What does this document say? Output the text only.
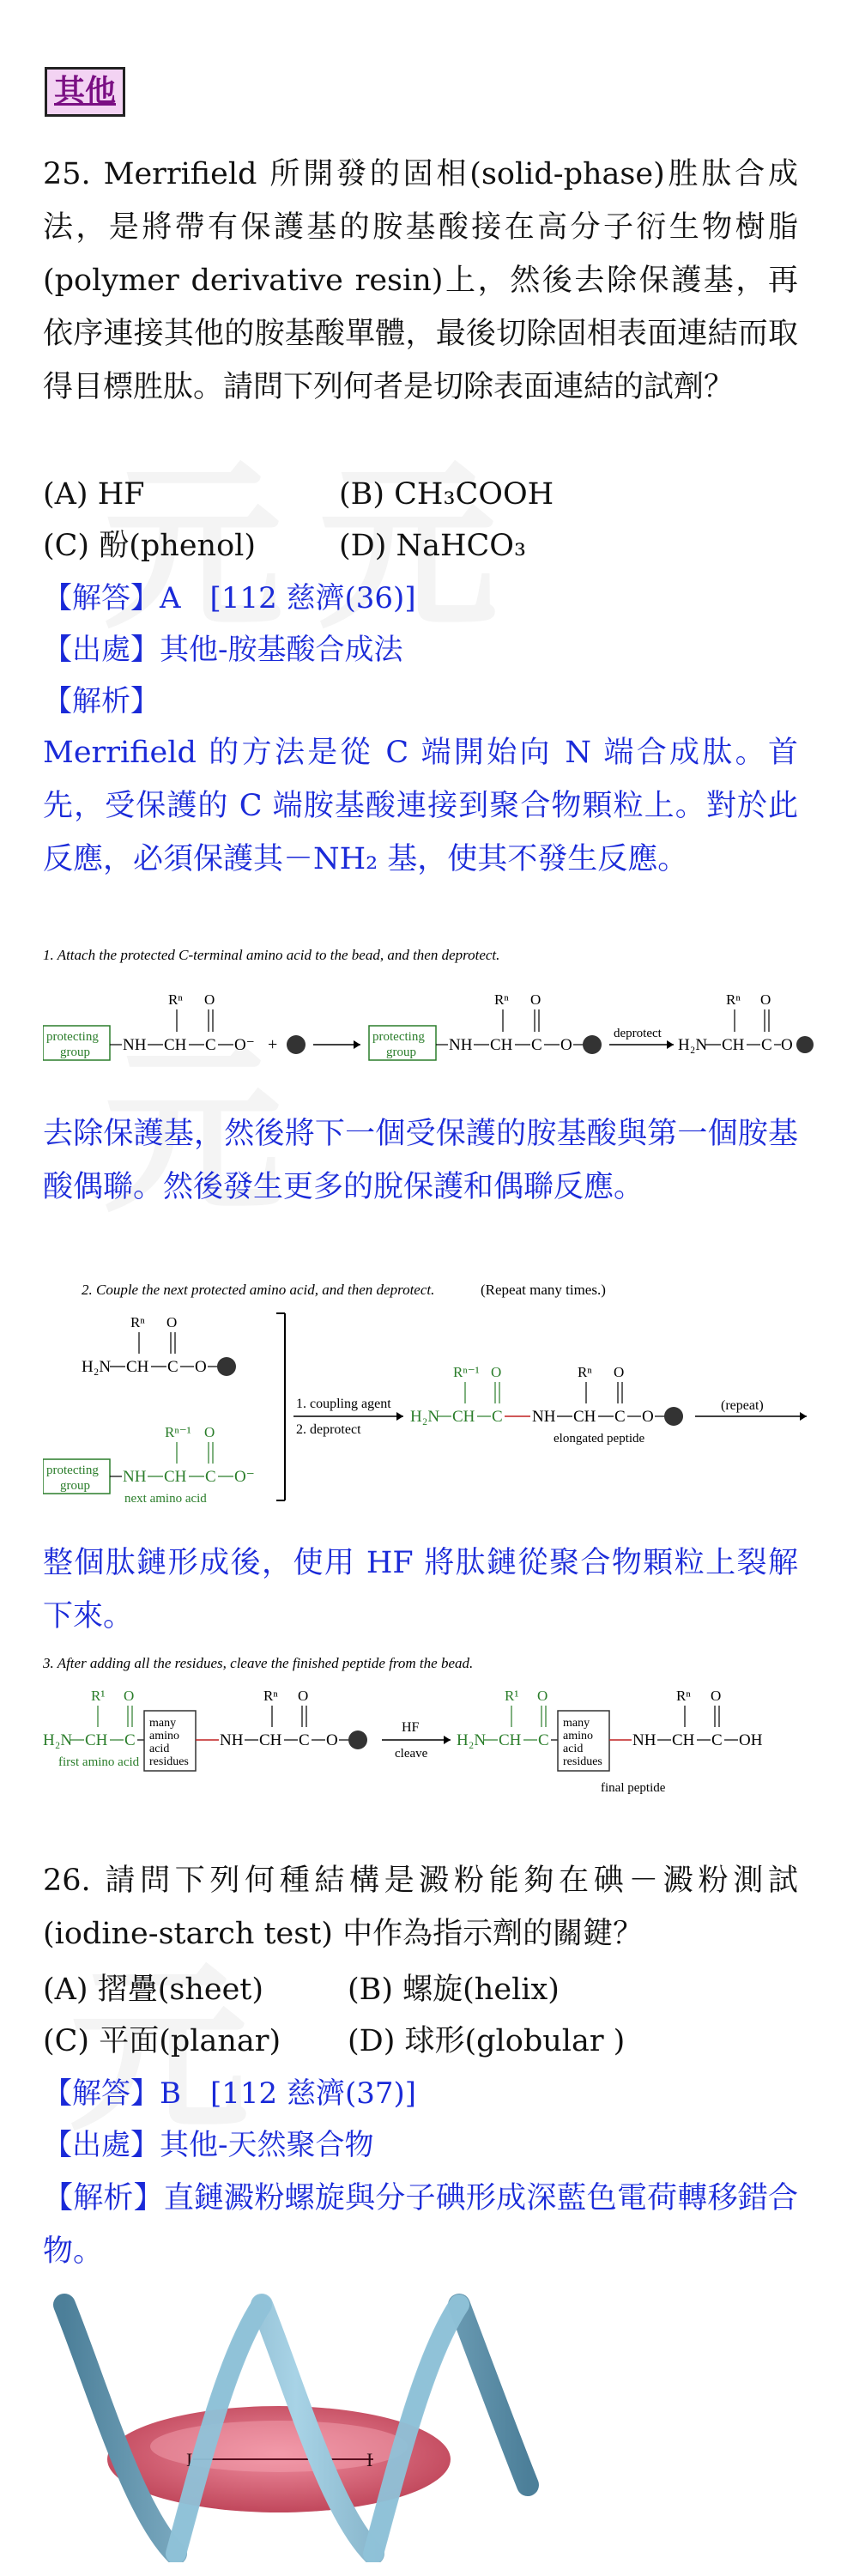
其他
25. Merrifield 所開發的固相(solid-phase)胜肽合成法，是將帶有保護基的胺基酸接在高分子衍生物樹脂(polymer derivative resin)上，然後去除保護基，再依序連接其他的胺基酸單體，最後切除固相表面連結而取得目標胜肽。請問下列何者是切除表面連結的試劑？
(A) HF	(B) CH₃COOH
(C) 酚(phenol)	(D) NaHCO₃
【解答】A　[112 慈濟(36)]
【出處】其他-胺基酸合成法
【解析】
Merrifield 的方法是從 C 端開始向 N 端合成肽。首先，受保護的 C 端胺基酸連接到聚合物顆粒上。對於此反應，必須保護其－NH₂ 基，使其不發生反應。
1. Attach the protected C-terminal amino acid to the bead, and then deprotect.
protecting
group NH CH
Rⁿ
C
O
O⁻ +	protecting
group NH CH
Rⁿ
C
O
O
deprotect
H₂N CH
Rⁿ
C
O
O
去除保護基，然後將下一個受保護的胺基酸與第一個胺基酸偶聯。然後發生更多的脫保護和偶聯反應。
2. Couple the next protected amino acid, and then deprotect.	(Repeat many times.)
H₂N CH
Rⁿ
C
O
O
protecting
group NH CH
Rⁿ⁻¹
C
O
O⁻
next amino acid
1. coupling agent
2. deprotect
H₂N CH
Rⁿ⁻¹
C
O
NH CH
Rⁿ
C
O
O
elongated peptide
(repeat)
整個肽鏈形成後，使用 HF 將肽鏈從聚合物顆粒上裂解下來。
3. After adding all the residues, cleave the finished peptide from the bead.
H₂N CH
R¹
C
O
first amino acid
many
amino
acid
residues
NH CH
Rⁿ
C
O
O
HF
cleave
H₂N CH
R¹
C
O
many
amino
acid
residues
NH CH
Rⁿ
C
O
OH
final peptide
26. 請問下列何種結構是澱粉能夠在碘－澱粉測試(iodine-starch test) 中作為指示劑的關鍵？
(A) 摺疊(sheet)	(B) 螺旋(helix)
(C) 平面(planar) (D) 球形(globular )
【解答】B　[112 慈濟(37)]
【出處】其他-天然聚合物
【解析】直鏈澱粉螺旋與分子碘形成深藍色電荷轉移錯合物。
I	I
